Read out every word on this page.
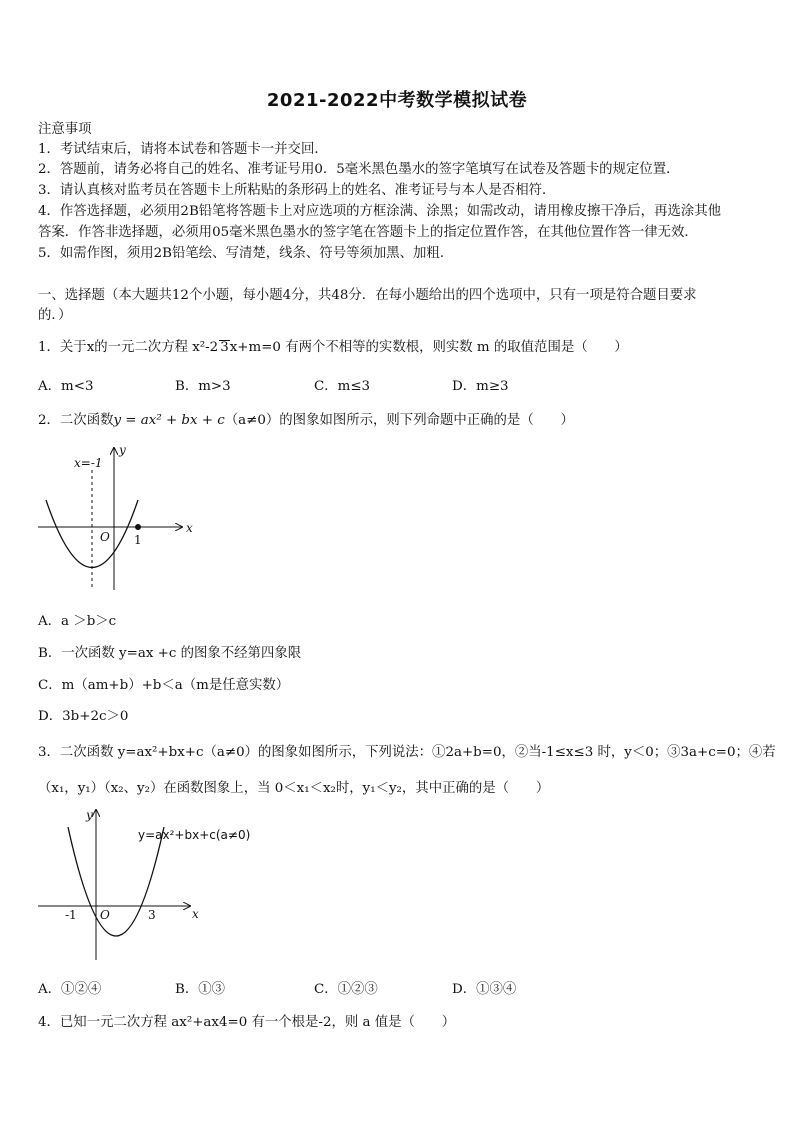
2021-2022中考数学模拟试卷
注意事项
1．考试结束后，请将本试卷和答题卡一并交回．
2．答题前，请务必将自己的姓名、准考证号用0．5毫米黑色墨水的签字笔填写在试卷及答题卡的规定位置．
3．请认真核对监考员在答题卡上所粘贴的条形码上的姓名、准考证号与本人是否相符．
4．作答选择题，必须用2B铅笔将答题卡上对应选项的方框涂满、涂黑；如需改动，请用橡皮擦干净后，再选涂其他
答案．作答非选择题，必须用05毫米黑色墨水的签字笔在答题卡上的指定位置作答，在其他位置作答一律无效．
5．如需作图，须用2B铅笔绘、写清楚，线条、符号等须加黑、加粗．
一、选择题（本大题共12个小题，每小题4分，共48分．在每小题给出的四个选项中，只有一项是符合题目要求
的．）
1．关于x的一元二次方程 x²-2 3x+m=0 有两个不相等的实数根，则实数 m 的取值范围是（　　）
A．m<3	B．m>3	C．m≤3	D．m≥3
2．二次函数y = ax² + bx + c（a≠0）的图象如图所示，则下列命题中正确的是（　　）
x=-1
y
x
O 1
A．a ＞b＞c
B．一次函数 y=ax +c 的图象不经第四象限
C．m（am+b）+b＜a（m是任意实数）
D．3b+2c＞0
3．二次函数 y=ax²+bx+c（a≠0）的图象如图所示，下列说法：①2a+b=0，②当-1≤x≤3 时，y＜0；③3a+c=0；④若
（x₁，y₁）（x₂、y₂）在函数图象上，当 0＜x₁＜x₂时，y₁＜y₂，其中正确的是（　　）
y=ax²+bx+c(a≠0)
y
x
O
-1	3
A．①②④	B．①③	C．①②③	D．①③④
4．已知一元二次方程 ax²+ax4=0 有一个根是-2，则 a 值是（　　）
